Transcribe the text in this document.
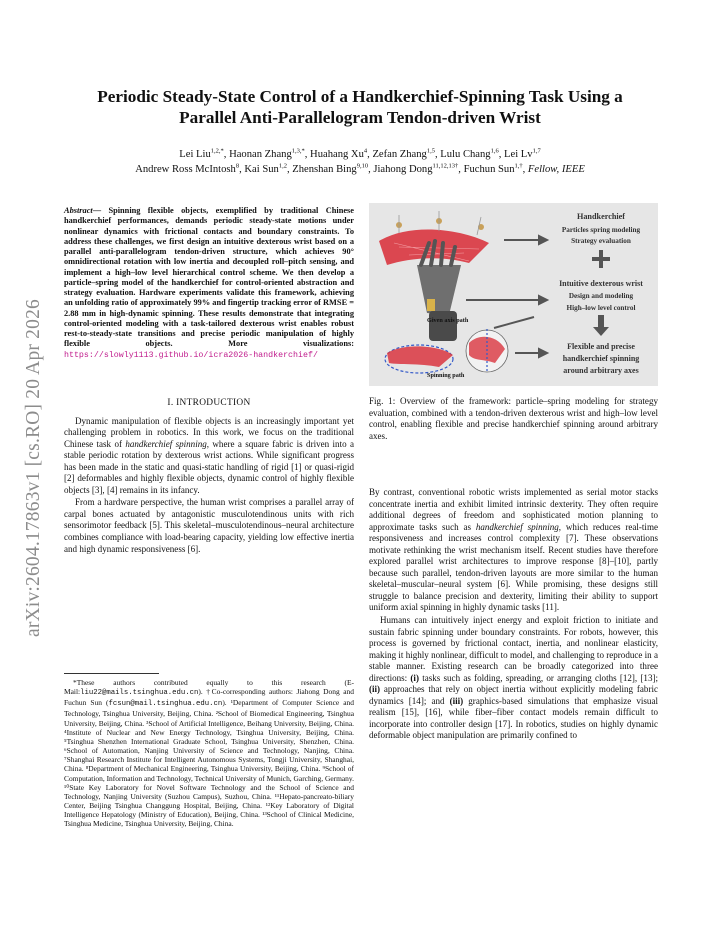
arXiv:2604.17863v1 [cs.RO] 20 Apr 2026
Periodic Steady-State Control of a Handkerchief-Spinning Task Using a
Parallel Anti-Parallelogram Tendon-driven Wrist
Lei Liu$^{1,2,*}$, Haonan Zhang$^{1,3,*}$, Huahang Xu$^4$, Zefan Zhang$^{1,5}$, Lulu Chang$^{1,6}$, Lei Lv$^{1,7}$
Andrew Ross McIntosh$^8$, Kai Sun$^{1,2}$, Zhenshan Bing$^{9,10}$, Jiahong Dong$^{11,12,13\dagger}$, Fuchun Sun$^{1,\dagger}$, Fellow, IEEE
Abstract— Spinning flexible objects, exemplified by traditional Chinese handkerchief performances, demands periodic steady-state motions under nonlinear dynamics with frictional contacts and boundary constraints. To address these challenges, we first design an intuitive dexterous wrist based on a parallel anti-parallelogram tendon-driven structure, which achieves 90° omnidirectional rotation with low inertia and decoupled roll–pitch sensing, and implement a high–low level hierarchical control scheme. We then develop a particle–spring model of the handkerchief for control-oriented abstraction and strategy evaluation. Hardware experiments validate this framework, achieving an unfolding ratio of approximately 99% and fingertip tracking error of RMSE = 2.88 mm in high-dynamic spinning. These results demonstrate that integrating control-oriented modeling with a task-tailored dexterous wrist enables robust rest-to-steady-state transitions and precise periodic manipulation of highly flexible objects. More visualizations: https://slowly1113.github.io/icra2026-handkerchief/
I. INTRODUCTION

Dynamic manipulation of flexible objects is an increasingly important yet challenging problem in robotics. In this work, we focus on the traditional Chinese task of handkerchief spinning, where a square fabric is driven into a stable periodic rotation by dexterous wrist actions. While significant progress has been made in the static and quasi-static handling of rigid [1] or quasi-rigid [2] deformables and highly flexible objects, dynamic control of highly flexible objects [3], [4] remains in its infancy.

From a hardware perspective, the human wrist comprises a parallel array of carpal bones actuated by antagonistic musculotendinous units with rich sensorimotor feedback [5]. This skeletal–musculotendinous–neural architecture combines compliance with load-bearing capacity, yielding low effective inertia and high dynamic responsiveness [6].

*These authors contributed equally to this research (E-Mail:liu22@mails.tsinghua.edu.cn). †Co-corresponding authors: Jiahong Dong and Fuchun Sun (fcsun@mail.tsinghua.edu.cn). ¹Department of Computer Science and Technology, Tsinghua University, Beijing, China. ²School of Biomedical Engineering, Tsinghua University, Beijing, China. ³School of Artificial Intelligence, Beihang University, Beijing, China. ⁴Institute of Nuclear and New Energy Technology, Tsinghua University, Beijing, China. ⁵Tsinghua Shenzhen International Graduate School, Tsinghua University, Shenzhen, China. ⁶School of Automation, Nanjing University of Science and Technology, Nanjing, China. ⁷Shanghai Research Institute for Intelligent Autonomous Systems, Tongji University, Shanghai, China. ⁸Department of Mechanical Engineering, Tsinghua University, Beijing, China. ⁹School of Computation, Information and Technology, Technical University of Munich, Garching, Germany. ¹⁰State Key Laboratory for Novel Software Technology and the School of Science and Technology, Nanjing University (Suzhou Campus), Suzhou, China. ¹¹Hepato-pancreato-biliary Center, Beijing Tsinghua Changgung Hospital, Beijing, China. ¹²Key Laboratory of Digital Intelligence Hepatology (Ministry of Education), Beijing, China. ¹³School of Clinical Medicine, Tsinghua Medicine, Tsinghua University, Beijing, China.

Given axis path
Spinning path
Handkerchief
Particles spring modeling
Strategy evaluation
Intuitive dexterous wrist
Design and modeling
High–low level control
Flexible and precise
handkerchief spinning
around arbitrary axes
Fig. 1: Overview of the framework: particle–spring modeling for strategy evaluation, combined with a tendon-driven dexterous wrist and high–low level control, enabling flexible and precise handkerchief spinning around arbitrary axes.

By contrast, conventional robotic wrists implemented as serial motor stacks concentrate inertia and exhibit limited intrinsic dexterity. They often require additional degrees of freedom and sophisticated motion planning to approximate tasks such as handkerchief spinning, which reduces real-time responsiveness and increases control complexity [7]. These observations motivate rethinking the wrist mechanism itself. Recent studies have therefore explored parallel wrist architectures to improve response [8]–[10], partly because such parallel, tendon-driven layouts are more similar to the human skeletal–muscular–neural system [6]. While promising, these designs still struggle to balance precision and dexterity, limiting their ability to support uniform axial spinning in highly dynamic tasks [11].

Humans can intuitively inject energy and exploit friction to initiate and sustain fabric spinning under boundary constraints. For robots, however, this process is governed by frictional contact, inertia, and nonlinear elasticity, making it highly nonlinear, difficult to model, and challenging to reproduce in a stable manner. Existing research can be broadly categorized into three directions: (i) tasks such as folding, spreading, or arranging cloths [12], [13]; (ii) approaches that rely on object inertia without explicitly modeling fabric dynamics [14]; and (iii) graphics-based simulations that emphasize visual realism [15], [16], while fiber–fiber contact models remain difficult to incorporate into controller design [17]. In robotics, studies on highly dynamic deformable object manipulation are primarily confined to
